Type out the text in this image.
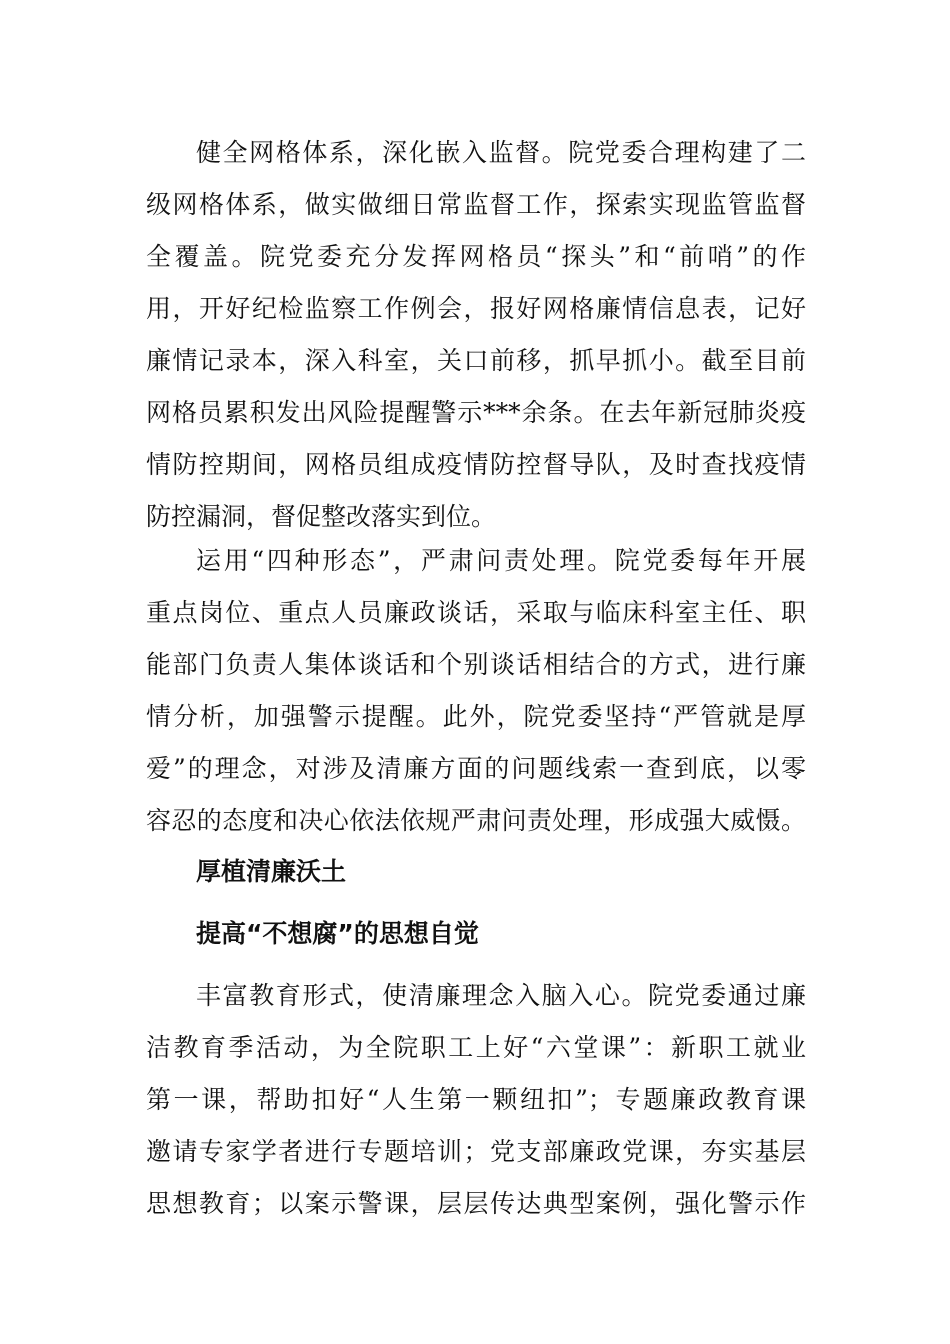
健全网格体系，深化嵌入监督。院党委合理构建了二
级网格体系，做实做细日常监督工作，探索实现监管监督
全覆盖。院党委充分发挥网格员“探头”和“前哨”的作
用，开好纪检监察工作例会，报好网格廉情信息表，记好
廉情记录本，深入科室，关口前移，抓早抓小。截至目前
网格员累积发出风险提醒警示***余条。在去年新冠肺炎疫
情防控期间，网格员组成疫情防控督导队，及时查找疫情
防控漏洞，督促整改落实到位。
运用“四种形态”，严肃问责处理。院党委每年开展
重点岗位、重点人员廉政谈话，采取与临床科室主任、职
能部门负责人集体谈话和个别谈话相结合的方式，进行廉
情分析，加强警示提醒。此外，院党委坚持“严管就是厚
爱”的理念，对涉及清廉方面的问题线索一查到底，以零
容忍的态度和决心依法依规严肃问责处理，形成强大威慑。
厚植清廉沃土
提高“不想腐”的思想自觉
丰富教育形式，使清廉理念入脑入心。院党委通过廉
洁教育季活动，为全院职工上好“六堂课”：新职工就业
第一课，帮助扣好“人生第一颗纽扣”；专题廉政教育课
邀请专家学者进行专题培训；党支部廉政党课，夯实基层
思想教育；以案示警课，层层传达典型案例，强化警示作
